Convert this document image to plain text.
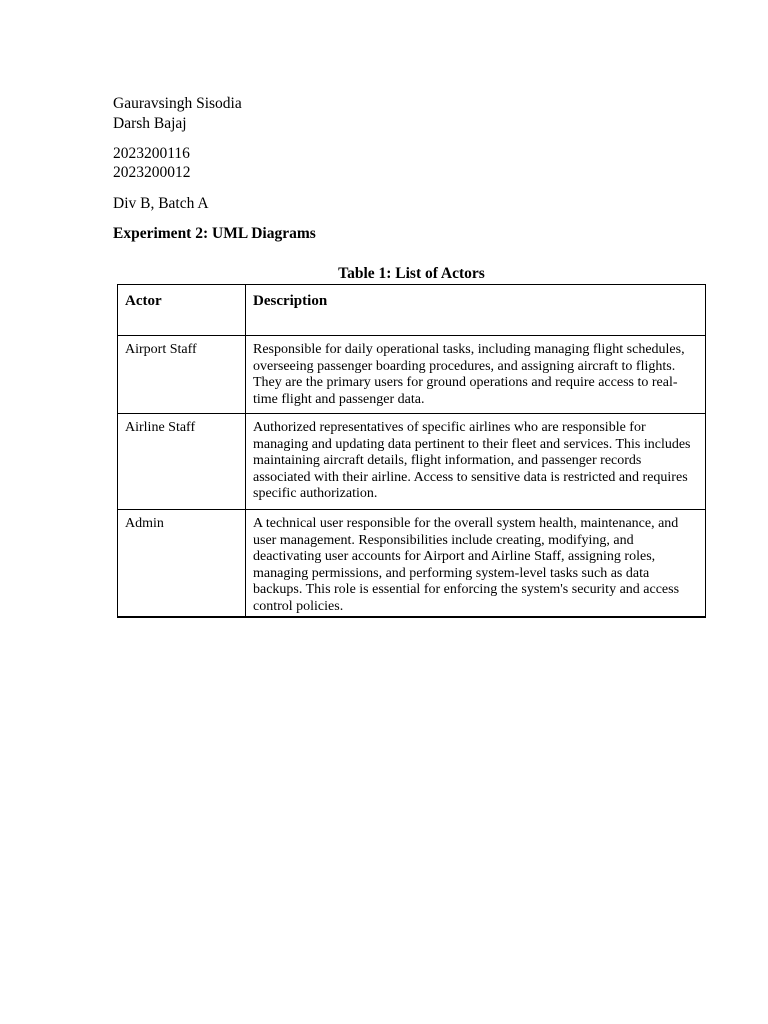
Gauravsingh Sisodia
Darsh Bajaj
2023200116
2023200012
Div B, Batch A
Experiment 2: UML Diagrams
Table 1: List of Actors
Actor	Description
Airport Staff	Responsible for daily operational tasks, including managing flight schedules, overseeing passenger boarding procedures, and assigning aircraft to flights. They are the primary users for ground operations and require access to real-time flight and passenger data.
Airline Staff	Authorized representatives of specific airlines who are responsible for managing and updating data pertinent to their fleet and services. This includes maintaining aircraft details, flight information, and passenger records associated with their airline. Access to sensitive data is restricted and requires specific authorization.
Admin	A technical user responsible for the overall system health, maintenance, and user management. Responsibilities include creating, modifying, and deactivating user accounts for Airport and Airline Staff, assigning roles, managing permissions, and performing system-level tasks such as data backups. This role is essential for enforcing the system's security and access control policies.
